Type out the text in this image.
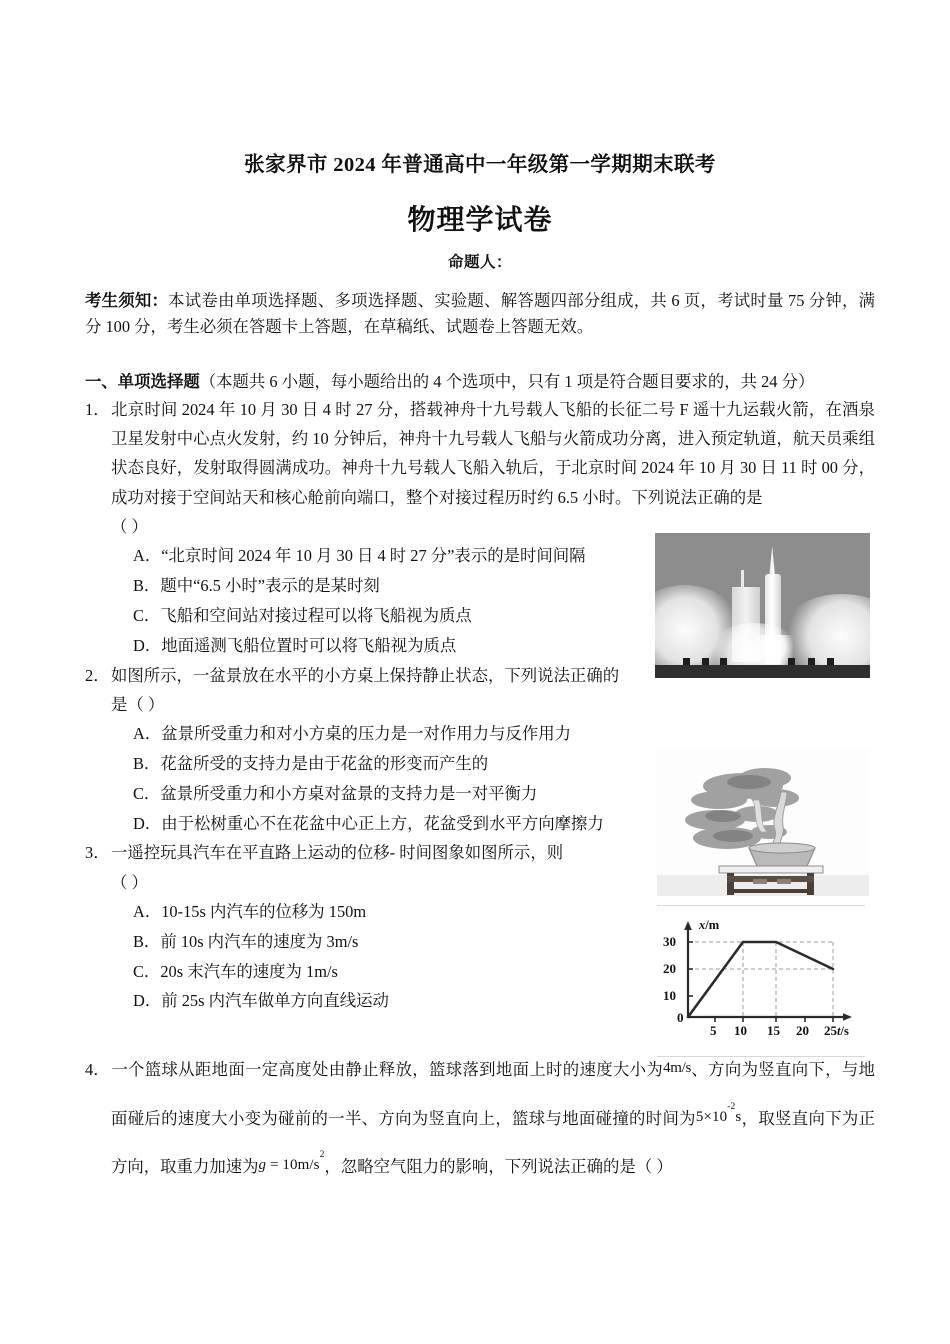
张家界市 2024 年普通高中一年级第一学期期末联考
物理学试卷
命题人：
考生须知：本试卷由单项选择题、多项选择题、实验题、解答题四部分组成，共 6 页，考试时量 75 分钟，满分 100 分，考生必须在答题卡上答题，在草稿纸、试题卷上答题无效。
一、单项选择题（本题共 6 小题，每小题给出的 4 个选项中，只有 1 项是符合题目要求的，共 24 分）
1．北京时间 2024 年 10 月 30 日 4 时 27 分，搭载神舟十九号载人飞船的长征二号 F 遥十九运载火箭，在酒泉卫星发射中心点火发射，约 10 分钟后，神舟十九号载人飞船与火箭成功分离，进入预定轨道，航天员乘组状态良好，发射取得圆满成功。神舟十九号载人飞船入轨后，于北京时间 2024 年 10 月 30 日 11 时 00 分，成功对接于空间站天和核心舱前向端口，整个对接过程历时约 6.5 小时。下列说法正确的是
（ ）
A．“北京时间 2024 年 10 月 30 日 4 时 27 分”表示的是时间间隔
B．题中“6.5 小时”表示的是某时刻
C．飞船和空间站对接过程可以将飞船视为质点
D．地面遥测飞船位置时可以将飞船视为质点
2．如图所示，一盆景放在水平的小方桌上保持静止状态，下列说法正确的
是（ ）
A．盆景所受重力和对小方桌的压力是一对作用力与反作用力
B．花盆所受的支持力是由于花盆的形变而产生的
C．盆景所受重力和小方桌对盆景的支持力是一对平衡力
D．由于松树重心不在花盆中心正上方，花盆受到水平方向摩擦力
3．一遥控玩具汽车在平直路上运动的位移- 时间图象如图所示，则
（ ）
A．10-15s 内汽车的位移为 150m
B．前 10s 内汽车的速度为 3m/s
C．20s 末汽车的速度为 1m/s
D．前 25s 内汽车做单方向直线运动
4．一个篮球从距地面一定高度处由静止释放，篮球落到地面上时的速度大小为4m/s、方向为竖直向下，与地面碰后的速度大小变为碰前的一半、方向为竖直向上，篮球与地面碰撞的时间为$5\times 10^{-2}s$，取竖直向下为正方向，取重力加速为$g = 10m/s^2$，忽略空气阻力的影响，下列说法正确的是（ ）
x/m
t/s
30
20
10
0
5 10 15 20 25
